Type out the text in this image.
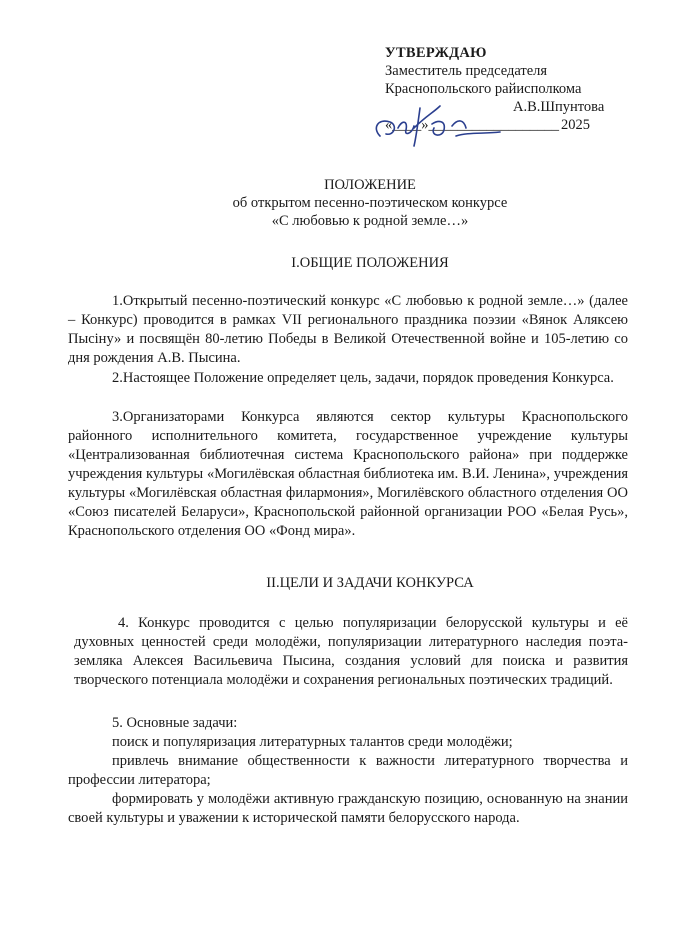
УТВЕРЖДАЮ
Заместитель председателя
Краснопольского райисполкома
А.В.Шпунтова
«____»__________________ 2025
ПОЛОЖЕНИЕ
об открытом песенно-поэтическом конкурсе
«С любовью к родной земле…»
I.ОБЩИЕ ПОЛОЖЕНИЯ
1.Открытый песенно-поэтический конкурс «С любовью к родной земле…» (далее – Конкурс) проводится в рамках VII регионального праздника поэзии «Вянок Аляксею Пысіну» и посвящён 80-летию Победы в Великой Отечественной войне и 105-летию со дня рождения А.В. Пысина.
2.Настоящее Положение определяет цель, задачи, порядок проведения Конкурса.
3.Организаторами Конкурса являются сектор культуры Краснопольского районного исполнительного комитета, государственное учреждение культуры «Централизованная библиотечная система Краснопольского района» при поддержке учреждения культуры «Могилёвская областная библиотека им. В.И. Ленина», учреждения культуры «Могилёвская областная филармония», Могилёвского областного отделения ОО «Союз писателей Беларуси», Краснопольской районной организации РОО «Белая Русь», Краснопольского отделения ОО «Фонд мира».
II.ЦЕЛИ И ЗАДАЧИ КОНКУРСА
4. Конкурс проводится с целью популяризации белорусской культуры и её духовных ценностей среди молодёжи, популяризации литературного наследия поэта-земляка Алексея Васильевича Пысина, создания условий для поиска и развития творческого потенциала молодёжи и сохранения региональных поэтических традиций.
5. Основные задачи:
поиск и популяризация литературных талантов среди молодёжи;
привлечь внимание общественности к важности литературного творчества и профессии литератора;
формировать у молодёжи активную гражданскую позицию, основанную на знании своей культуры и уважении к исторической памяти белорусского народа.
